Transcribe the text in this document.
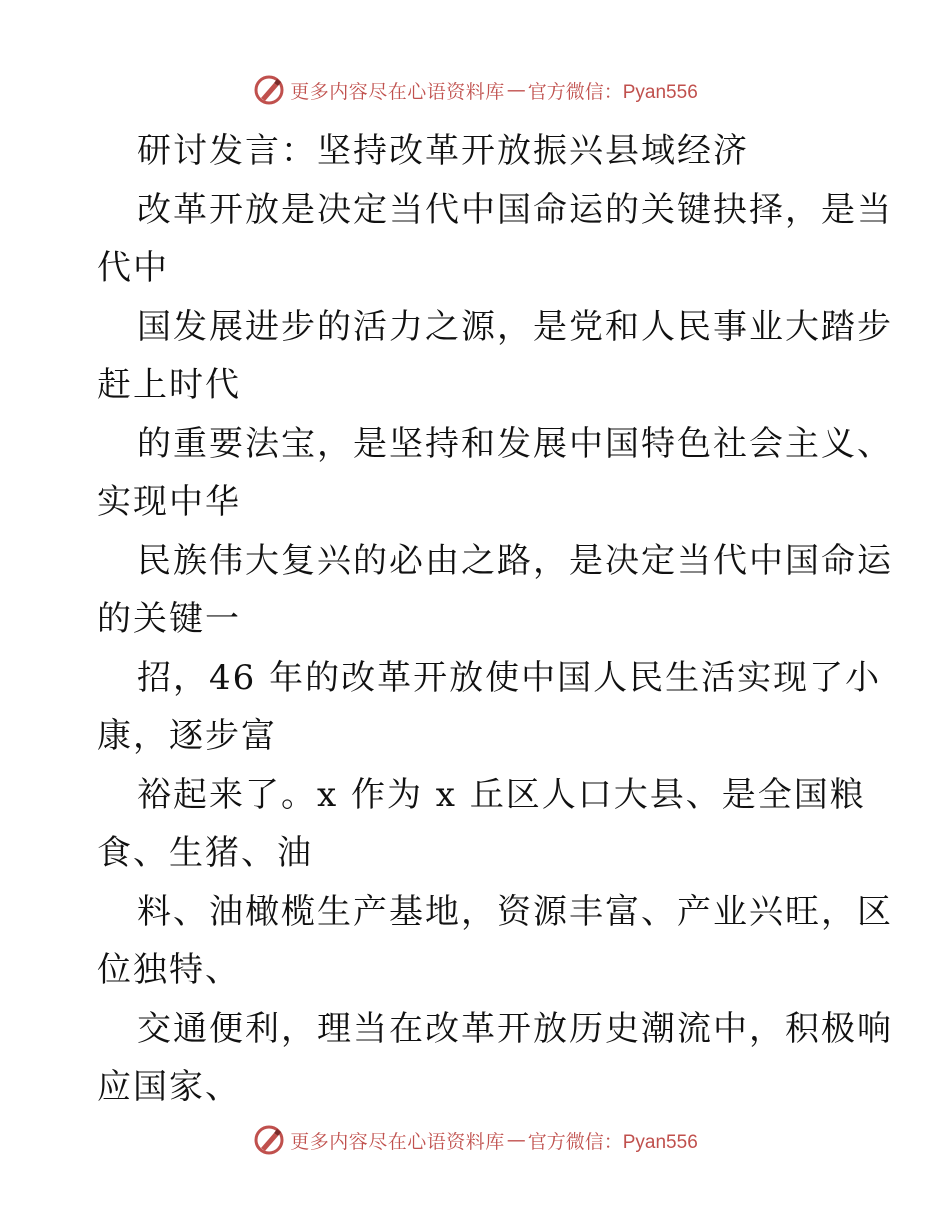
更多内容尽在心语资料库 — 官方微信：Pyan556
研讨发言：坚持改革开放振兴县域经济
改革开放是决定当代中国命运的关键抉择，是当
代中
国发展进步的活力之源，是党和人民事业大踏步
赶上时代
的重要法宝，是坚持和发展中国特色社会主义、
实现中华
民族伟大复兴的必由之路，是决定当代中国命运
的关键一
招，46 年的改革开放使中国人民生活实现了小
康，逐步富
裕起来了。x 作为 x 丘区人口大县、是全国粮
食、生猪、油
料、油橄榄生产基地，资源丰富、产业兴旺，区
位独特、
交通便利，理当在改革开放历史潮流中，积极响
应国家、
更多内容尽在心语资料库 — 官方微信：Pyan556
